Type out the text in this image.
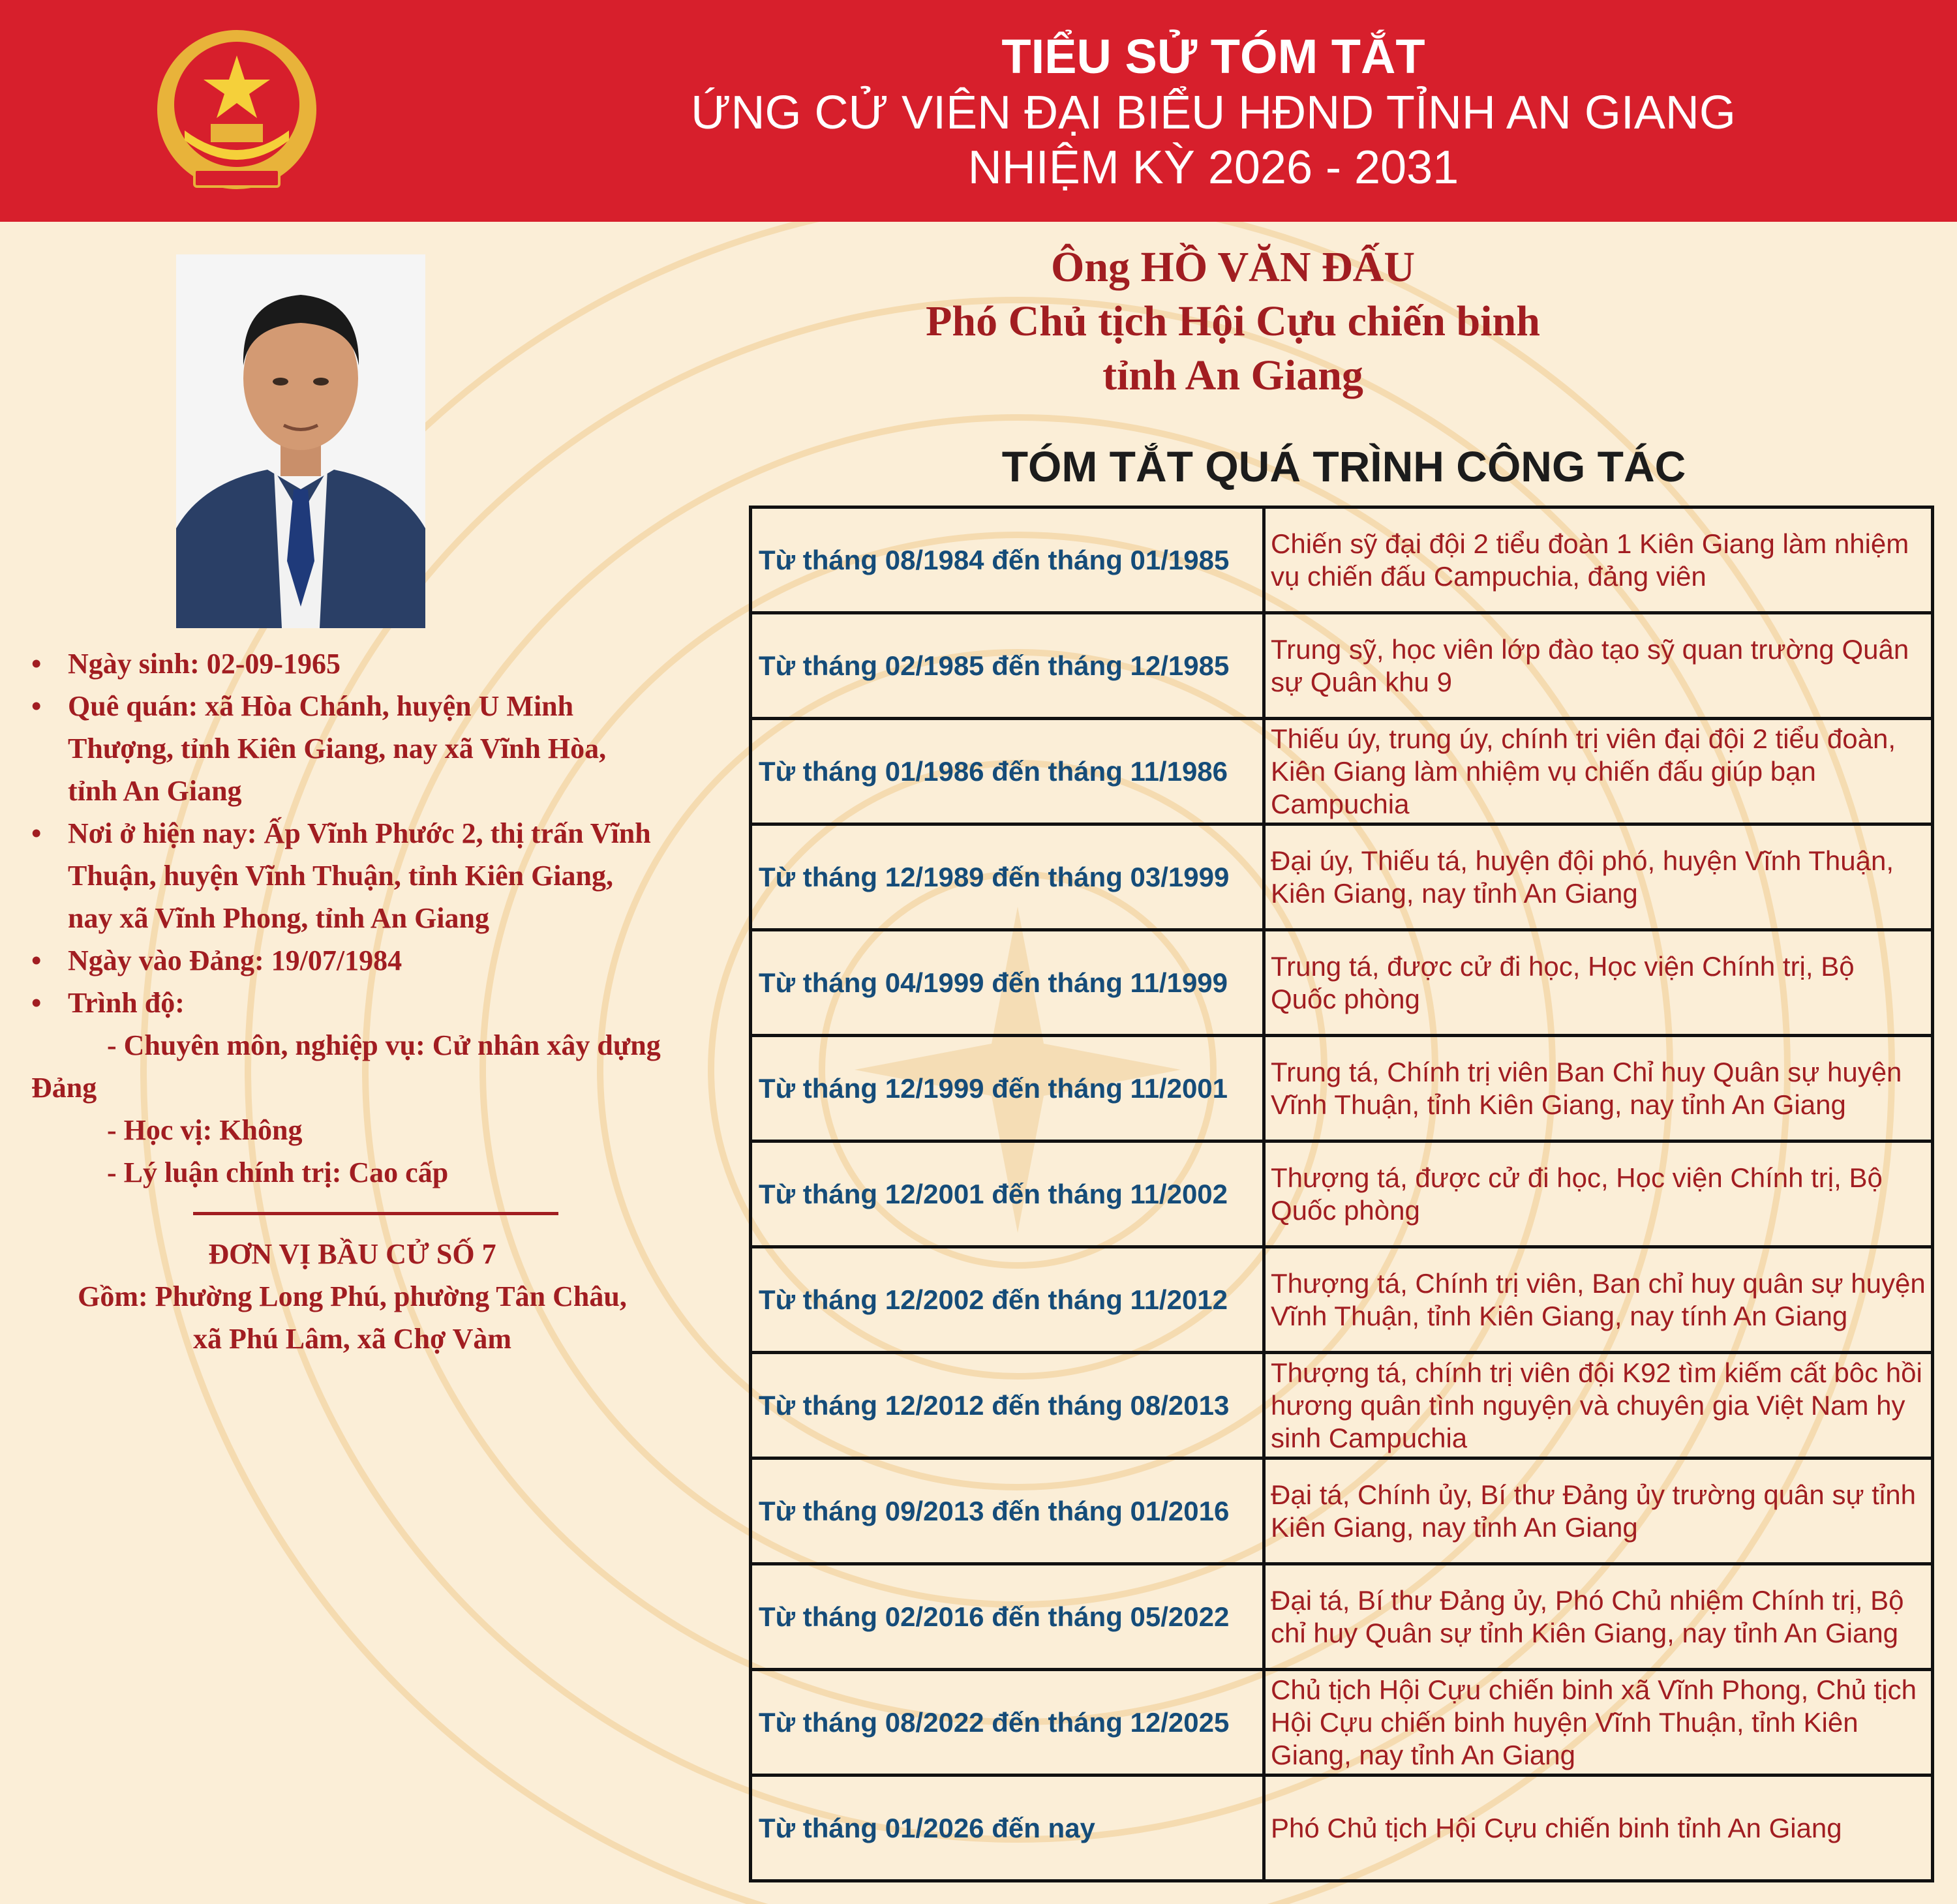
TIỂU SỬ TÓM TẮT

ỨNG CỬ VIÊN ĐẠI BIỂU HĐND TỈNH AN GIANG

NHIỆM KỲ 2026 - 2031

Ông HỒ VĂN ĐẤU

Phó Chủ tịch Hội Cựu chiến binh

tỉnh An Giang

TÓM TẮT QUÁ TRÌNH CÔNG TÁC

• Ngày sinh: 02-09-1965
• Quê quán: xã Hòa Chánh, huyện U Minh
Thượng, tỉnh Kiên Giang, nay xã Vĩnh Hòa,
tỉnh An Giang
• Nơi ở hiện nay: Ấp Vĩnh Phước 2, thị trấn Vĩnh
Thuận, huyện Vĩnh Thuận, tỉnh Kiên Giang,
nay xã Vĩnh Phong, tỉnh An Giang
• Ngày vào Đảng: 19/07/1984
• Trình độ:
- Chuyên môn, nghiệp vụ: Cử nhân xây dựng
Đảng
- Học vị: Không
- Lý luận chính trị: Cao cấp
ĐƠN VỊ BẦU CỬ SỐ 7
Gồm: Phường Long Phú, phường Tân Châu,
xã Phú Lâm, xã Chợ Vàm
Từ tháng 08/1984 đến tháng 01/1985
Chiến sỹ đại đội 2 tiểu đoàn 1 Kiên Giang làm nhiệm vụ chiến đấu Campuchia, đảng viên
Từ tháng 02/1985 đến tháng 12/1985
Trung sỹ, học viên lớp đào tạo sỹ quan trường Quân sự Quân khu 9
Từ tháng 01/1986 đến tháng 11/1986
Thiếu úy, trung úy, chính trị viên đại đội 2 tiểu đoàn, Kiên Giang làm nhiệm vụ chiến đấu giúp bạn Campuchia
Từ tháng 12/1989 đến tháng 03/1999
Đại úy, Thiếu tá, huyện đội phó, huyện Vĩnh Thuận, Kiên Giang, nay tỉnh An Giang
Từ tháng 04/1999 đến tháng 11/1999
Trung tá, được cử đi học, Học viện Chính trị, Bộ Quốc phòng
Từ tháng 12/1999 đến tháng 11/2001
Trung tá, Chính trị viên Ban Chỉ huy Quân sự huyện Vĩnh Thuận, tỉnh Kiên Giang, nay tỉnh An Giang
Từ tháng 12/2001 đến tháng 11/2002
Thượng tá, được cử đi học, Học viện Chính trị, Bộ Quốc phòng
Từ tháng 12/2002 đến tháng 11/2012
Thượng tá, Chính trị viên, Ban chỉ huy quân sự huyện Vĩnh Thuận, tỉnh Kiên Giang, nay tính An Giang
Từ tháng 12/2012 đến tháng 08/2013
Thượng tá, chính trị viên đội K92 tìm kiếm cất bôc hồi hương quân tình nguyện và chuyên gia Việt Nam hy sinh Campuchia
Từ tháng 09/2013 đến tháng 01/2016
Đại tá, Chính ủy, Bí thư Đảng ủy trường quân sự tỉnh Kiên Giang, nay tỉnh An Giang
Từ tháng 02/2016 đến tháng 05/2022
Đại tá, Bí thư Đảng ủy, Phó Chủ nhiệm Chính trị, Bộ chỉ huy Quân sự tỉnh Kiên Giang, nay tỉnh An Giang
Từ tháng 08/2022 đến tháng 12/2025
Chủ tịch Hội Cựu chiến binh xã Vĩnh Phong, Chủ tịch Hội Cựu chiến binh huyện Vĩnh Thuận, tỉnh Kiên Giang, nay tỉnh An Giang
Từ tháng 01/2026 đến nay	Phó Chủ tịch Hội Cựu chiến binh tỉnh An Giang
